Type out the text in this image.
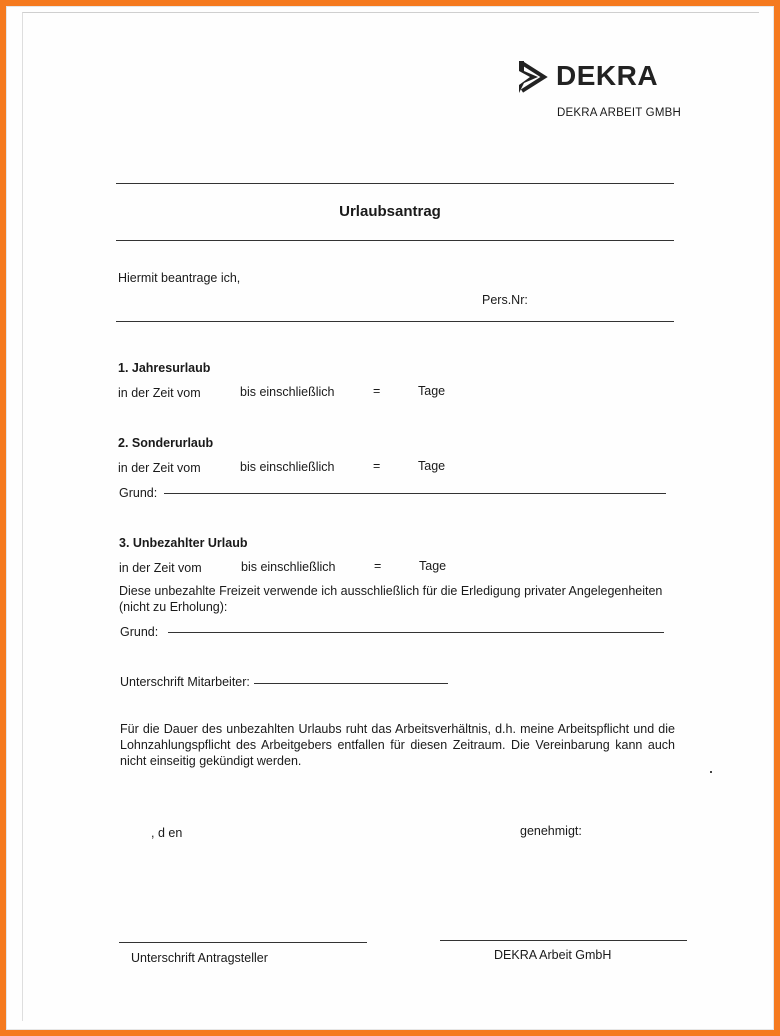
DEKRA
DEKRA ARBEIT GMBH
Urlaubsantrag
Hiermit beantrage ich,
Pers.Nr:
1. Jahresurlaub
in der Zeit vom	bis einschließlich	=	Tage
2. Sonderurlaub
in der Zeit vom	bis einschließlich	=	Tage
Grund:
3. Unbezahlter Urlaub
in der Zeit vom	bis einschließlich	=	Tage
Diese unbezahlte Freizeit verwende ich ausschließlich für die Erledigung privater Angelegenheiten
(nicht zu Erholung):
Grund:
Unterschrift Mitarbeiter:
Für die Dauer des unbezahlten Urlaubs ruht das Arbeitsverhältnis, d.h. meine Arbeitspflicht und die Lohnzahlungspflicht des Arbeitgebers entfallen für diesen Zeitraum. Die Vereinbarung kann auch nicht einseitig gekündigt werden.
, d en	genehmigt:
Unterschrift Antragsteller	DEKRA Arbeit GmbH
